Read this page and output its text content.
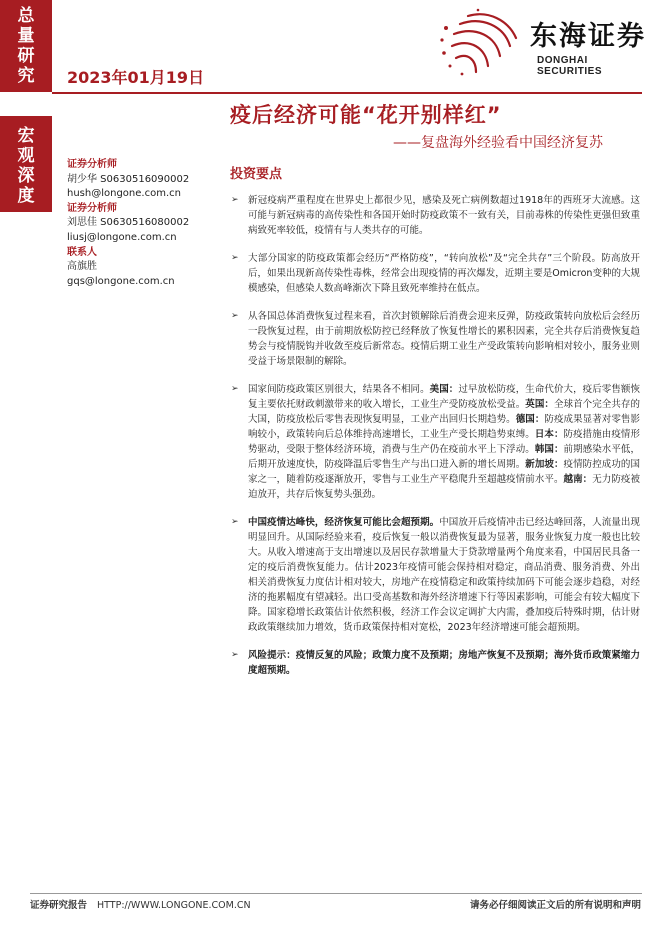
总量研究
宏观深度
2023年01月19日
东海证券
DONGHAI SECURITIES
疫后经济可能“花开别样红”
——复盘海外经验看中国经济复苏
证券分析师
胡少华 S0630516090002
hush@longone.com.cn
证券分析师
刘思佳 S0630516080002
liusj@longone.com.cn
联系人
高旗胜
gqs@longone.com.cn
投资要点
➢ 新冠疫病严重程度在世界史上都很少见，感染及死亡病例数超过1918年的西班牙大流感。这可能与新冠病毒的高传染性和各国开始时防疫政策不一致有关，目前毒株的传染性更强但致重病致死率较低，疫情有与人类共存的可能。
➢ 大部分国家的防疫政策都会经历“严格防疫”，“转向放松”及“完全共存”三个阶段。防高放开后，如果出现新高传染性毒株，经常会出现疫情的再次爆发，近期主要是Omicron变种的大规模感染，但感染人数高峰渐次下降且致死率维持在低点。
➢ 从各国总体消费恢复过程来看，首次封锁解除后消费会迎来反弹，防疫政策转向放松后会经历一段恢复过程，由于前期放松防控已经释放了恢复性增长的累积因素，完全共存后消费恢复趋势会与疫情脱钩并收敛至疫后新常态。疫情后期工业生产受政策转向影响相对较小，服务业则受益于场景限制的解除。
➢ 国家间防疫政策区别很大，结果各不相同。美国：过早放松防疫，生命代价大，疫后零售额恢复主要依托财政刺激带来的收入增长，工业生产受防疫放松受益。英国：全球首个完全共存的大国，防疫放松后零售表现恢复明显，工业产出回归长期趋势。德国：防疫成果显著对零售影响较小，政策转向后总体维持高速增长，工业生产受长期趋势束缚。日本：防疫措施由疫情形势驱动，受限于整体经济环境，消费与生产仍在疫前水平上下浮动。韩国：前期感染水平低，后期开放速度快，防疫降温后零售生产与出口进入新的增长周期。新加坡：疫情防控成功的国家之一，随着防疫逐渐放开，零售与工业生产平稳爬升至超越疫情前水平。越南：无力防疫被迫放开，共存后恢复势头强劲。
➢ 中国疫情达峰快，经济恢复可能比会超预期。中国放开后疫情冲击已经达峰回落，人流量出现明显回升。从国际经验来看，疫后恢复一般以消费恢复最为显著，服务业恢复力度一般也比较大。从收入增速高于支出增速以及居民存款增量大于贷款增量两个角度来看，中国居民具备一定的疫后消费恢复能力。估计2023年疫情可能会保持相对稳定，商品消费、服务消费、外出相关消费恢复力度估计相对较大，房地产在疫情稳定和政策持续加码下可能会逐步趋稳，对经济的拖累幅度有望减轻。出口受高基数和海外经济增速下行等因素影响，可能会有较大幅度下降。国家稳增长政策估计依然积极，经济工作会议定调扩大内需，叠加疫后特殊时期，估计财政政策继续加力增效，货币政策保持相对宽松，2023年经济增速可能会超预期。
➢ 风险提示：疫情反复的风险；政策力度不及预期；房地产恢复不及预期；海外货币政策紧缩力度超预期。
证券研究报告 HTTP://WWW.LONGONE.COM.CN	请务必仔细阅读正文后的所有说明和声明
